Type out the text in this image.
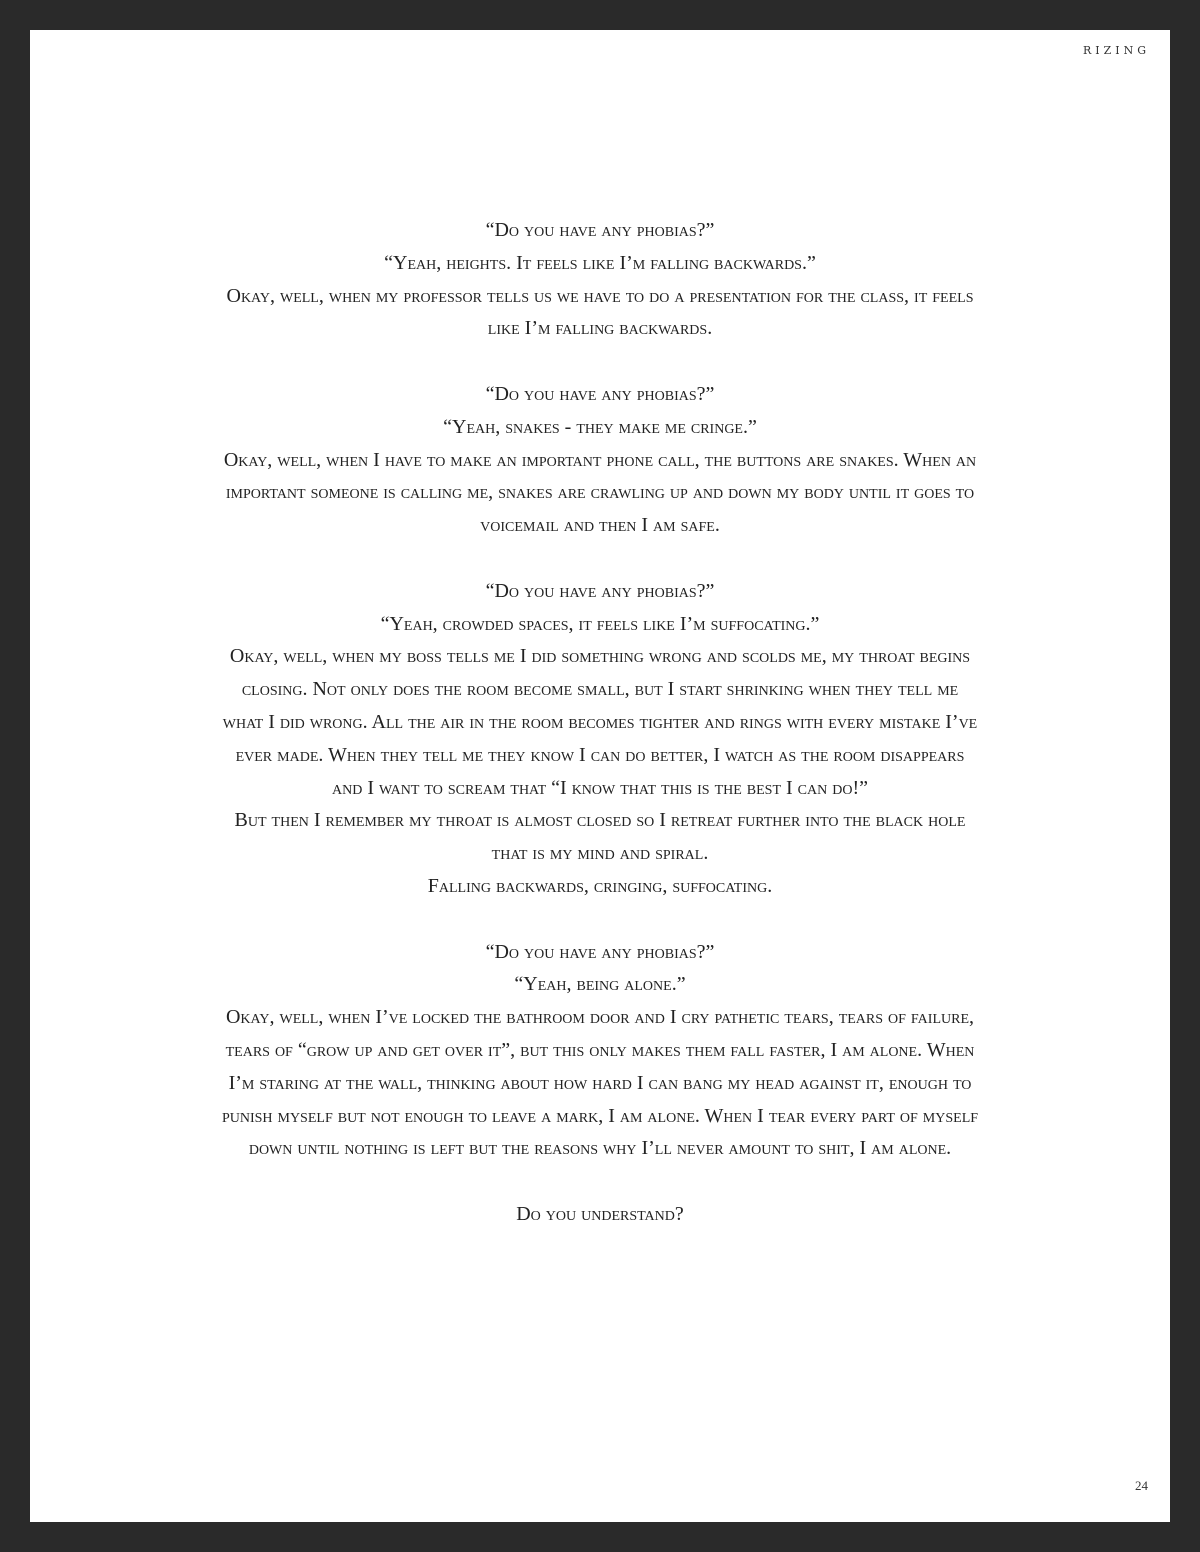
RIZING

“Do you have any phobias?”

“Yeah, heights. It feels like I’m falling backwards.”

Okay, well, when my professor tells us we have to do a presentation for the class, it feels like I’m falling backwards.

“Do you have any phobias?”

“Yeah, snakes - they make me cringe.”

Okay, well, when I have to make an important phone call, the buttons are snakes. When an important someone is calling me, snakes are crawling up and down my body until it goes to voicemail and then I am safe.

“Do you have any phobias?”

“Yeah, crowded spaces, it feels like I’m suffocating.”

Okay, well, when my boss tells me I did something wrong and scolds me, my throat begins closing. Not only does the room become small, but I start shrinking when they tell me what I did wrong. All the air in the room becomes tighter and rings with every mistake I’ve ever made. When they tell me they know I can do better, I watch as the room disappears and I want to scream that “I know that this is the best I can do!”

But then I remember my throat is almost closed so I retreat further into the black hole that is my mind and spiral.

Falling backwards, cringing, suffocating.

“Do you have any phobias?”

“Yeah, being alone.”

Okay, well, when I’ve locked the bathroom door and I cry pathetic tears, tears of failure, tears of “grow up and get over it”, but this only makes them fall faster, I am alone. When I’m staring at the wall, thinking about how hard I can bang my head against it, enough to punish myself but not enough to leave a mark, I am alone. When I tear every part of myself down until nothing is left but the reasons why I’ll never amount to shit, I am alone.

Do you understand?

24
